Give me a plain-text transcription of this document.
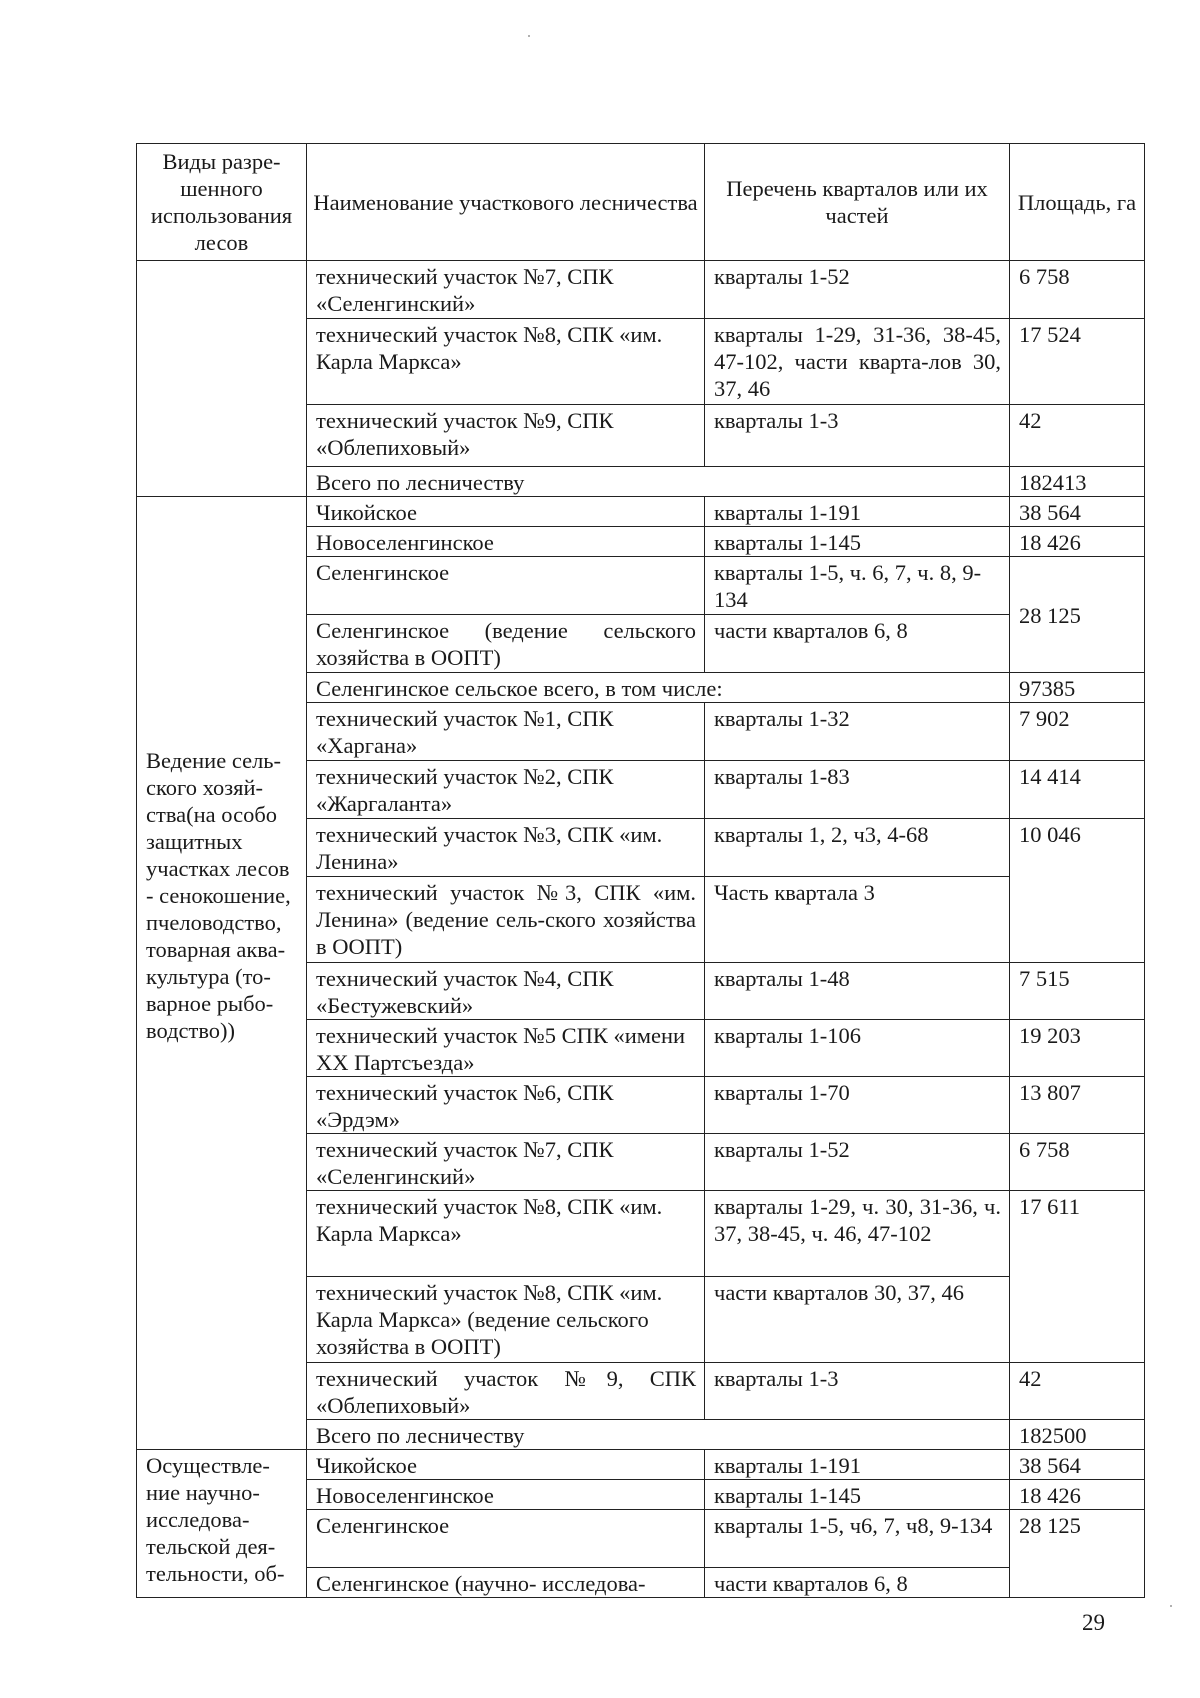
Виды разре-шенного использования лесов	Наименование участкового лесничества	Перечень кварталов или их частей	Площадь, га
	технический участок №7, СПК «Селенгинский»	кварталы 1-52	6 758
	технический участок №8, СПК «им. Карла Маркса»	кварталы 1-29, 31-36, 38-45, 47-102, части кварта-лов 30, 37, 46	17 524
	технический участок №9, СПК «Облепиховый»	кварталы 1-3	42
	Всего по лесничеству		182413
Ведение сель-ского хозяй-ства(на особо защитных участках лесов - сенокошение, пчеловодство, товарная аква-культура (то-варное рыбо-водство))	Чикойское	кварталы 1-191	38 564
	Новоселенгинское	кварталы 1-145	18 426
	Селенгинское	кварталы 1-5, ч. 6, 7, ч. 8, 9-134	28 125
	Селенгинское (ведение сельского хозяйства в ООПТ)	части кварталов 6, 8	
	Селенгинское сельское всего, в том числе:		97385
	технический участок №1, СПК «Харгана»	кварталы 1-32	7 902
	технический участок №2, СПК «Жаргаланта»	кварталы 1-83	14 414
	технический участок №3, СПК «им. Ленина»	кварталы 1, 2, ч3, 4-68	10 046
	технический участок №3, СПК «им. Ленина» (ведение сель-ского хозяйства в ООПТ)	Часть квартала 3	
	технический участок №4, СПК «Бестужевский»	кварталы 1-48	7 515
	технический участок №5 СПК «имени ХХ Партсъезда»	кварталы 1-106	19 203
	технический участок №6, СПК «Эрдэм»	кварталы 1-70	13 807
	технический участок №7, СПК «Селенгинский»	кварталы 1-52	6 758
	технический участок №8, СПК «им. Карла Маркса»	кварталы 1-29, ч. 30, 31-36, ч. 37, 38-45, ч. 46, 47-102	17 611
	технический участок №8, СПК «им. Карла Маркса» (ведение сельского хозяйства в ООПТ)	части кварталов 30, 37, 46	
	технический участок №9, СПК «Облепиховый»	кварталы 1-3	42
	Всего по лесничеству		182500
Осуществле-ние научно-исследова-тельской дея-тельности, об-	Чикойское	кварталы 1-191	38 564
	Новоселенгинское	кварталы 1-145	18 426
	Селенгинское	кварталы 1-5, ч6, 7, ч8, 9-134	28 125
	Селенгинское (научно- исследова-	части кварталов 6, 8	
29
